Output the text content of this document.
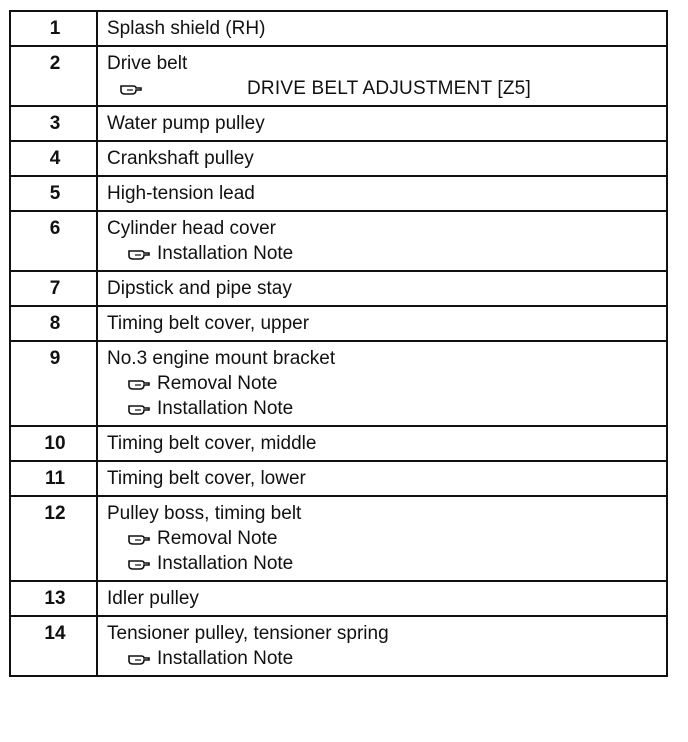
1	Splash shield (RH)

2	Drive belt
DRIVE BELT ADJUSTMENT [Z5]

3	Water pump pulley

4	Crankshaft pulley

5	High-tension lead

6	Cylinder head cover
Installation Note

7	Dipstick and pipe stay

8	Timing belt cover, upper

9	No.3 engine mount bracket
Removal Note
Installation Note

10	Timing belt cover, middle

11	Timing belt cover, lower

12	Pulley boss, timing belt
Removal Note
Installation Note

13	Idler pulley

14	Tensioner pulley, tensioner spring
Installation Note
